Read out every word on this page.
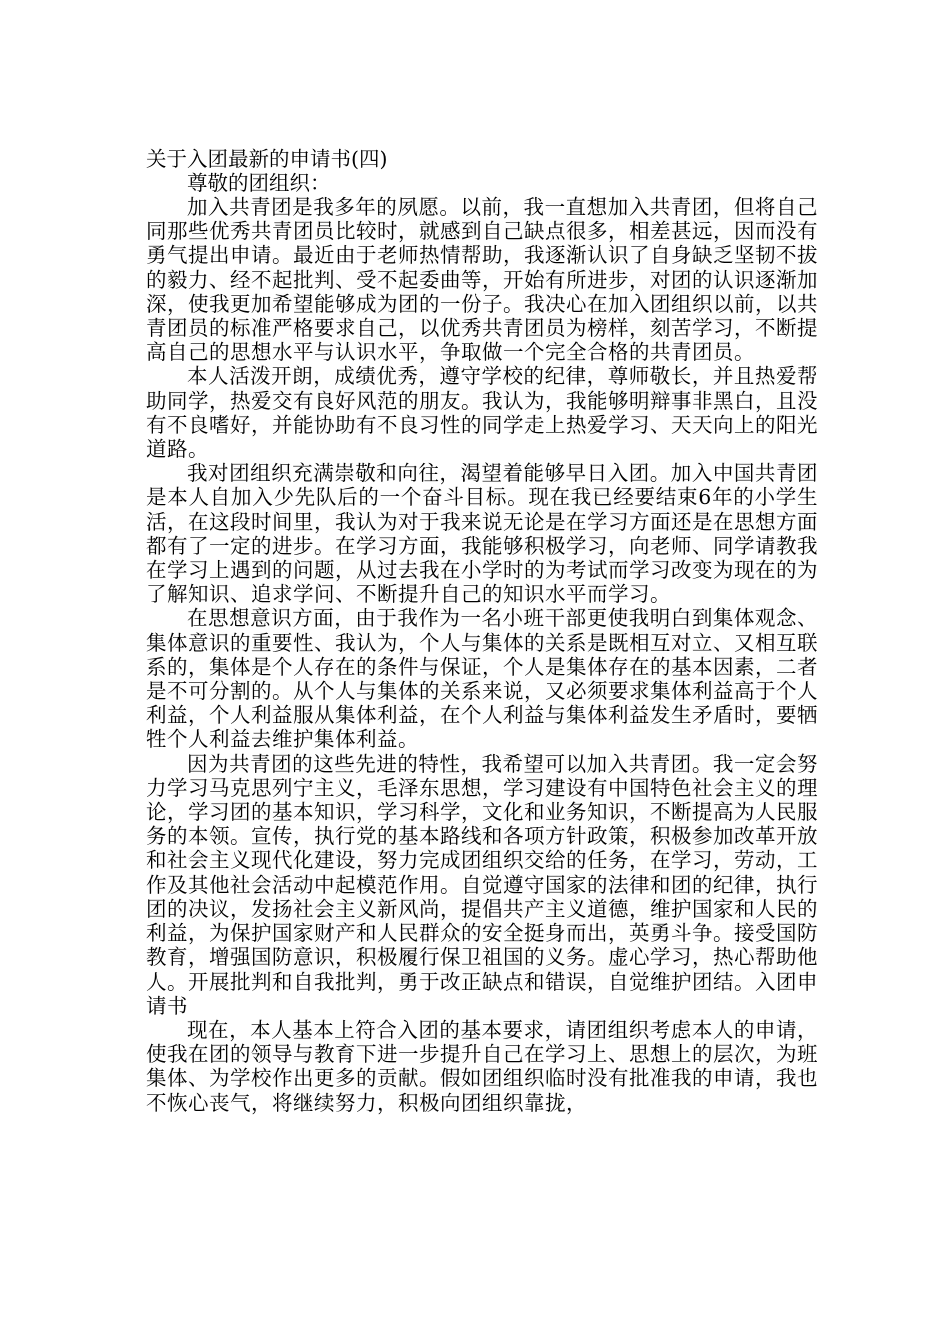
关于入团最新的申请书(四)
尊敬的团组织：

加入共青团是我多年的夙愿。以前，我一直想加入共青团，但将自己同那些优秀共青团员比较时，就感到自己缺点很多，相差甚远，因而没有勇气提出申请。最近由于老师热情帮助，我逐渐认识了自身缺乏坚韧不拔的毅力、经不起批判、受不起委曲等，开始有所进步，对团的认识逐渐加深，使我更加希望能够成为团的一份子。我决心在加入团组织以前，以共青团员的标准严格要求自己，以优秀共青团员为榜样，刻苦学习，不断提高自己的思想水平与认识水平，争取做一个完全合格的共青团员。

本人活泼开朗，成绩优秀，遵守学校的纪律，尊师敬长，并且热爱帮助同学，热爱交有良好风范的朋友。我认为，我能够明辩事非黑白，且没有不良嗜好，并能协助有不良习性的同学走上热爱学习、天天向上的阳光道路。

我对团组织充满崇敬和向往，渴望着能够早日入团。加入中国共青团是本人自加入少先队后的一个奋斗目标。现在我已经要结束6年的小学生活，在这段时间里，我认为对于我来说无论是在学习方面还是在思想方面都有了一定的进步。在学习方面，我能够积极学习，向老师、同学请教我在学习上遇到的问题，从过去我在小学时的为考试而学习改变为现在的为了解知识、追求学问、不断提升自己的知识水平而学习。

在思想意识方面，由于我作为一名小班干部更使我明白到集体观念、集体意识的重要性、我认为，个人与集体的关系是既相互对立、又相互联系的，集体是个人存在的条件与保证，个人是集体存在的基本因素，二者是不可分割的。从个人与集体的关系来说，又必须要求集体利益高于个人利益，个人利益服从集体利益，在个人利益与集体利益发生矛盾时，要牺牲个人利益去维护集体利益。

因为共青团的这些先进的特性，我希望可以加入共青团。我一定会努力学习马克思列宁主义，毛泽东思想，学习建设有中国特色社会主义的理论，学习团的基本知识，学习科学，文化和业务知识，不断提高为人民服务的本领。宣传，执行党的基本路线和各项方针政策，积极参加改革开放和社会主义现代化建设，努力完成团组织交给的任务，在学习，劳动，工作及其他社会活动中起模范作用。自觉遵守国家的法律和团的纪律，执行团的决议，发扬社会主义新风尚，提倡共产主义道德，维护国家和人民的利益，为保护国家财产和人民群众的安全挺身而出，英勇斗争。接受国防教育，增强国防意识，积极履行保卫祖国的义务。虚心学习，热心帮助他人。开展批判和自我批判，勇于改正缺点和错误，自觉维护团结。入团申请书

现在，本人基本上符合入团的基本要求，请团组织考虑本人的申请，使我在团的领导与教育下进一步提升自己在学习上、思想上的层次，为班集体、为学校作出更多的贡献。假如团组织临时没有批准我的申请，我也不恢心丧气，将继续努力，积极向团组织靠拢，
